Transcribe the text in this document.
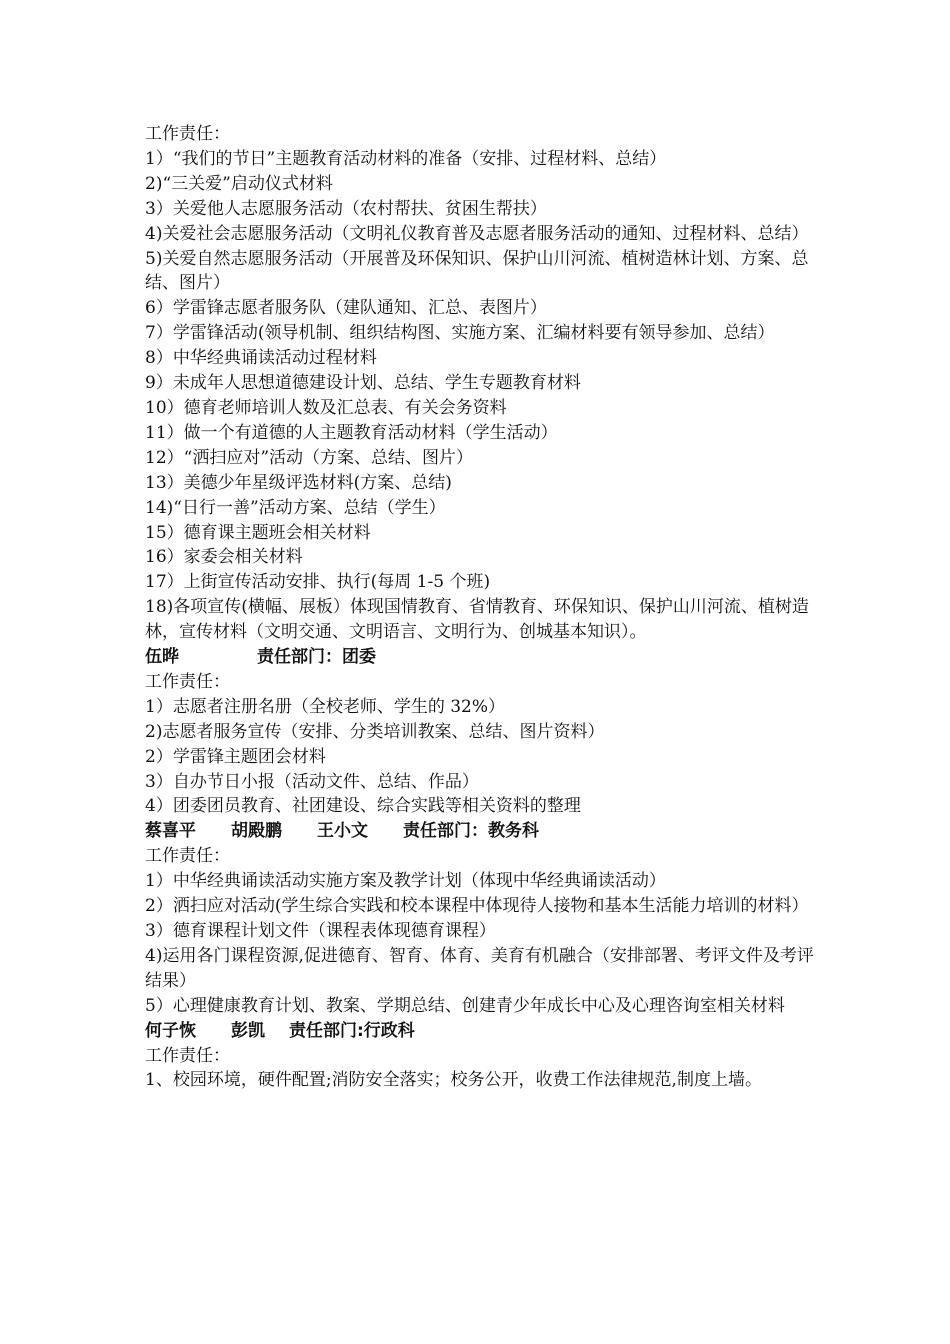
工作责任：
1）“我们的节日”主题教育活动材料的准备（安排、过程材料、总结）
2)“三关爱”启动仪式材料
3）关爱他人志愿服务活动（农村帮扶、贫困生帮扶）
4)关爱社会志愿服务活动（文明礼仪教育普及志愿者服务活动的通知、过程材料、总结）
5)关爱自然志愿服务活动（开展普及环保知识、保护山川河流、植树造林计划、方案、总结、图片）
6）学雷锋志愿者服务队（建队通知、汇总、表图片）
7）学雷锋活动(领导机制、组织结构图、实施方案、汇编材料要有领导参加、总结）
8）中华经典诵读活动过程材料
9）未成年人思想道德建设计划、总结、学生专题教育材料
10）德育老师培训人数及汇总表、有关会务资料
11）做一个有道德的人主题教育活动材料（学生活动）
12）“洒扫应对”活动（方案、总结、图片）
13）美德少年星级评选材料(方案、总结)
14)“日行一善”活动方案、总结（学生）
15）德育课主题班会相关材料
16）家委会相关材料
17）上街宣传活动安排、执行(每周 1-5 个班)
18)各项宣传(横幅、展板）体现国情教育、省情教育、环保知识、保护山川河流、植树造林，宣传材料（文明交通、文明语言、文明行为、创城基本知识）。
伍晔	责任部门：团委
工作责任：
1）志愿者注册名册（全校老师、学生的 32%）
2)志愿者服务宣传（安排、分类培训教案、总结、图片资料）
2）学雷锋主题团会材料
3）自办节日小报（活动文件、总结、作品）
4）团委团员教育、社团建设、综合实践等相关资料的整理
蔡喜平 胡殿鹏 王小文 责任部门：教务科
工作责任：
1）中华经典诵读活动实施方案及教学计划（体现中华经典诵读活动）
2）洒扫应对活动(学生综合实践和校本课程中体现待人接物和基本生活能力培训的材料）
3）德育课程计划文件（课程表体现德育课程）
4)运用各门课程资源,促进德育、智育、体育、美育有机融合（安排部署、考评文件及考评结果）
5）心理健康教育计划、教案、学期总结、创建青少年成长中心及心理咨询室相关材料
何子恢 彭凯 责任部门:行政科
工作责任：
1、校园环境，硬件配置;消防安全落实；校务公开，收费工作法律规范,制度上墙。
